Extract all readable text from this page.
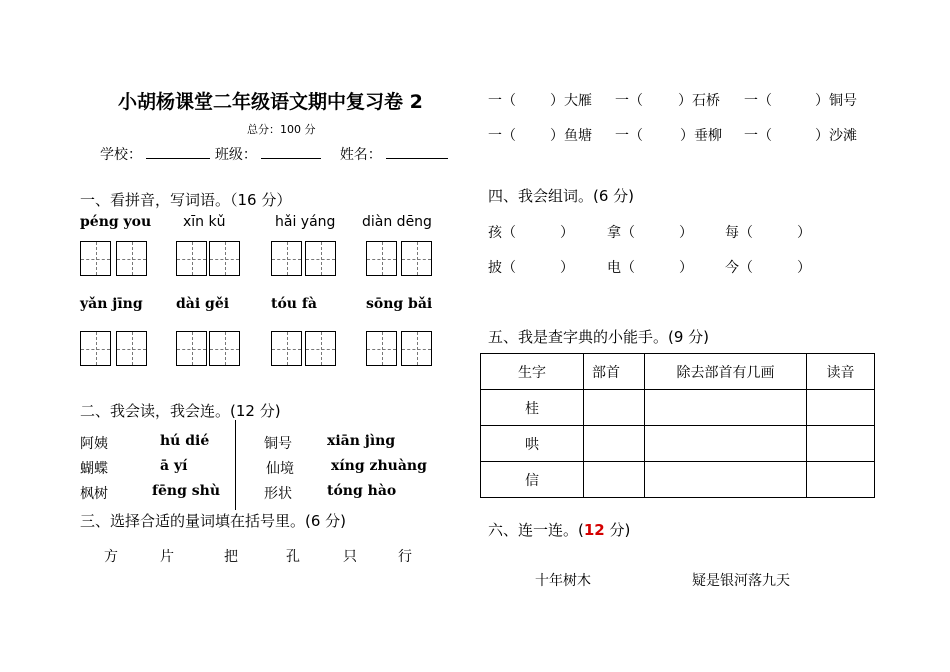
小胡杨课堂二年级语文期中复习卷 2
总分：100 分
学校：	班级：	姓名：
一、看拼音，写词语。（16 分）
péng you xīn kǔ	hǎi yáng diàn dēng
yǎn jīng dài gěi	tóu fà	sōng bǎi
二、我会读，我会连。(12 分)
阿姨
蝴蝶
枫树
hú dié
ā yí
fēng shù
铜号
仙境
形状
xiān jìng
xíng zhuàng
tóng hào
三、选择合适的量词填在括号里。(6 分)
方	片	把	孔	只	行
一（ ）大雁 一（	）石桥 一（	）铜号
一（ ）鱼塘 一（	）垂柳 一（	）沙滩
四、我会组词。(6 分)
孩（	） 拿（	） 每（	）
披（	） 电（	） 今（	）
五、我是查字典的小能手。(9 分)
生字	部首	除去部首有几画	读音
桂			
哄			
信			
六、连一连。(12 分)
十年树木	疑是银河落九天
